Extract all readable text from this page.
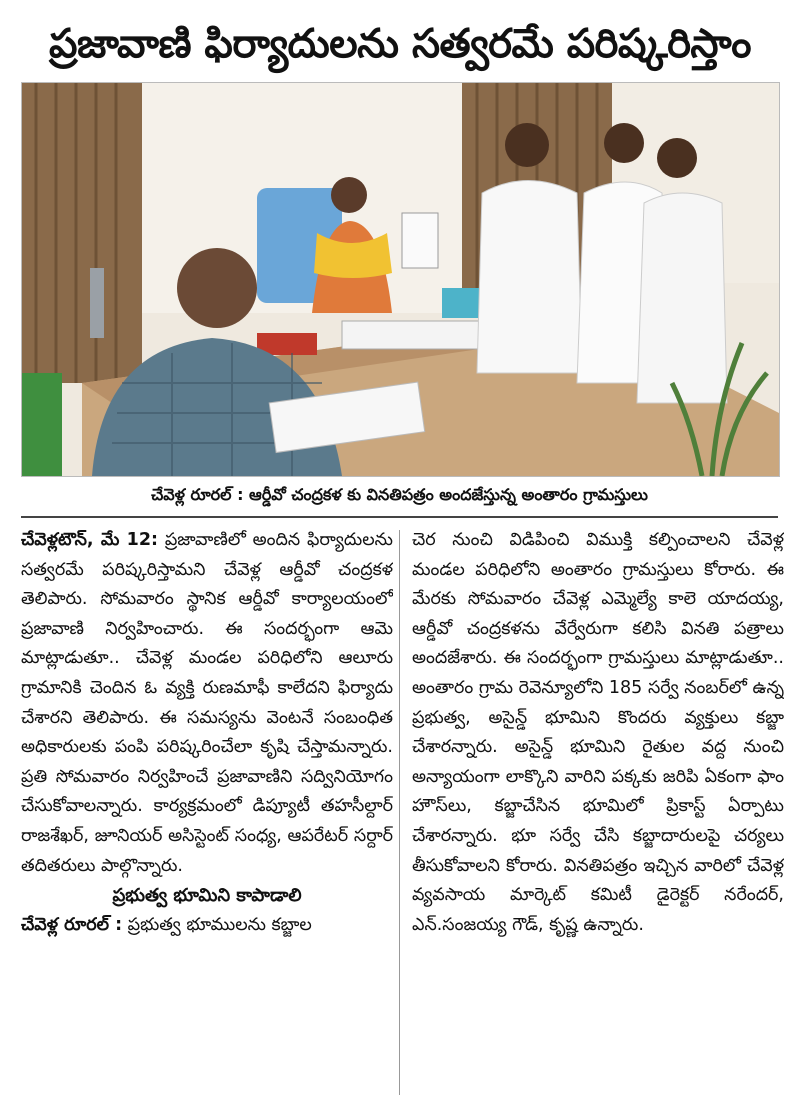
ప్రజావాణి ఫిర్యాదులను సత్వరమే పరిష్కరిస్తాం
చేవెళ్ల రూరల్ : ఆర్డీవో చంద్రకళ కు వినతిపత్రం అందజేస్తున్న అంతారం గ్రామస్తులు

చేవెళ్లటౌన్, మే 12: ప్రజావాణిలో అందిన ఫిర్యాదులను సత్వరమే పరిష్కరిస్తామని చేవెళ్ల ఆర్డీవో చంద్రకళ తెలిపారు. సోమవారం స్థానిక ఆర్డీవో కార్యాలయంలో ప్రజావాణి నిర్వహించారు. ఈ సందర్భంగా ఆమె మాట్లాడుతూ.. చేవెళ్ల మండల పరిధిలోని ఆలూరు గ్రామానికి చెందిన ఓ వ్యక్తి రుణమాఫీ కాలేదని ఫిర్యాదు చేశారని తెలిపారు. ఈ సమస్యను వెంటనే సంబంధిత అధికారులకు పంపి పరిష్కరించేలా కృషి చేస్తామన్నారు. ప్రతి సోమవారం నిర్వహించే ప్రజావాణిని సద్వినియోగం చేసుకోవాలన్నారు. కార్యక్రమంలో డిప్యూటీ తహసీల్దార్ రాజశేఖర్, జూనియర్ అసిస్టెంట్ సంధ్య, ఆపరేటర్ సర్దార్ తదితరులు పాల్గొన్నారు.

ప్రభుత్వ భూమిని కాపాడాలి

చేవెళ్ల రూరల్ : ప్రభుత్వ భూములను కబ్జాల

చెర నుంచి విడిపించి విముక్తి కల్పించాలని చేవెళ్ల మండల పరిధిలోని అంతారం గ్రామస్తులు కోరారు. ఈ మేరకు సోమవారం చేవెళ్ల ఎమ్మెల్యే కాలె యాదయ్య, ఆర్డీవో చంద్రకళను వేర్వేరుగా కలిసి వినతి పత్రాలు అందజేశారు. ఈ సందర్భంగా గ్రామస్తులు మాట్లాడుతూ.. అంతారం గ్రామ రెవెన్యూలోని 185 సర్వే నంబర్‌లో ఉన్న ప్రభుత్వ, అసైన్డ్ భూమిని కొందరు వ్యక్తులు కబ్జా చేశారన్నారు. అసైన్డ్ భూమిని రైతుల వద్ద నుంచి అన్యాయంగా లాక్కొని వారిని పక్కకు జరిపి ఏకంగా ఫాం హౌస్‌లు, కబ్జాచేసిన భూమిలో ప్రికాస్ట్ ఏర్పాటు చేశారన్నారు. భూ సర్వే చేసి కబ్జాదారులపై చర్యలు తీసుకోవాలని కోరారు. వినతిపత్రం ఇచ్చిన వారిలో చేవెళ్ల వ్యవసాయ మార్కెట్ కమిటీ డైరెక్టర్ నరేందర్, ఎన్.సంజయ్య గౌడ్, కృష్ణ ఉన్నారు.
